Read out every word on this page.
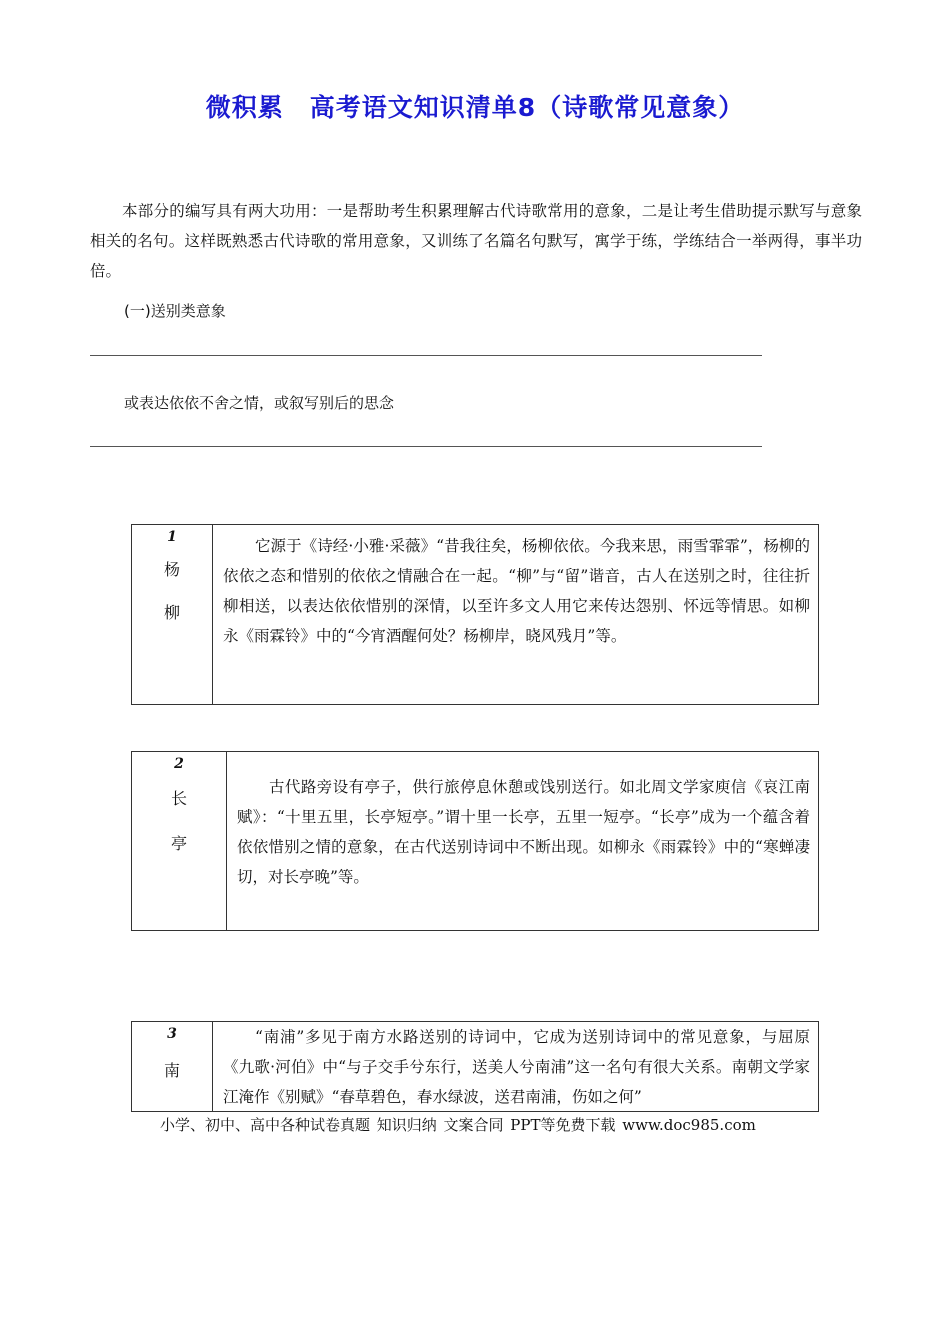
微积累　高考语文知识清单8（诗歌常见意象）

本部分的编写具有两大功用：一是帮助考生积累理解古代诗歌常用的意象，二是让考生借助提示默写与意象相关的名句。这样既熟悉古代诗歌的常用意象，又训练了名篇名句默写，寓学于练，学练结合一举两得，事半功倍。

(一)送别类意象
或表达依依不舍之情，或叙写别后的思念
1
杨
柳

它源于《诗经·小雅·采薇》“昔我往矣，杨柳依依。今我来思，雨雪霏霏”，杨柳的依依之态和惜别的依依之情融合在一起。“柳”与“留”谐音，古人在送别之时，往往折柳相送，以表达依依惜别的深情，以至许多文人用它来传达怨别、怀远等情思。如柳永《雨霖铃》中的“今宵酒醒何处？杨柳岸，晓风残月”等。

2
长
亭

古代路旁设有亭子，供行旅停息休憩或饯别送行。如北周文学家庾信《哀江南赋》：“十里五里，长亭短亭。”谓十里一长亭，五里一短亭。“长亭”成为一个蕴含着依依惜别之情的意象，在古代送别诗词中不断出现。如柳永《雨霖铃》中的“寒蝉凄切，对长亭晚”等。

3
南

“南浦”多见于南方水路送别的诗词中，它成为送别诗词中的常见意象，与屈原《九歌·河伯》中“与子交手兮东行，送美人兮南浦”这一名句有很大关系。南朝文学家江淹作《别赋》“春草碧色，春水绿波，送君南浦，伤如之何”

小学、初中、高中各种试卷真题 知识归纳 文案合同 PPT等免费下载 www.doc985.com
